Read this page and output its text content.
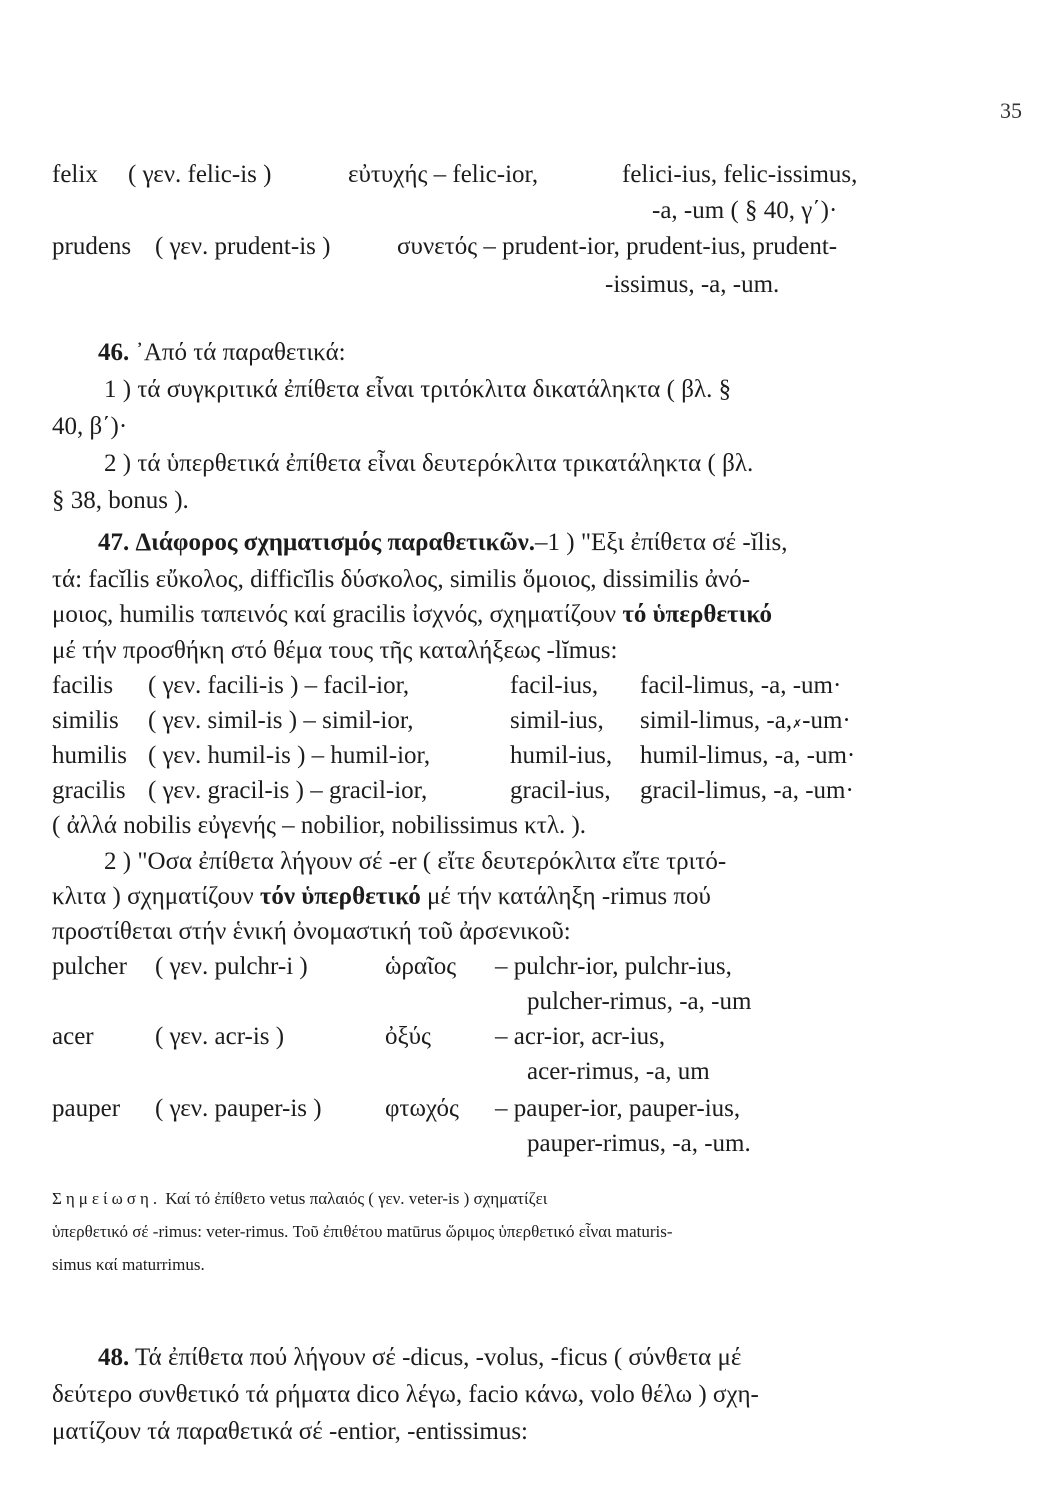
35
felix ( γεν. felic-is )	εὐτυχής – felic-ior,	felici-ius, felic-issimus,
-a, -um ( § 40, γ΄)·
prudens ( γεν. prudent-is )	συνετός – prudent-ior, prudent-ius, prudent-
-issimus, -a, -um.
46. ᾿Από τά παραθετικά:
1 ) τά συγκριτικά ἐπίθετα εἶναι τριτόκλιτα δικατάληκτα ( βλ. §
40, β΄)·
2 ) τά ὑπερθετικά ἐπίθετα εἶναι δευτερόκλιτα τρικατάληκτα ( βλ.
§ 38, bonus ).
47. Διάφορος σχηματισμός παραθετικῶν.–1 ) "Εξι ἐπίθετα σέ -ĭlis,
τά: facĭlis εὔκολος, difficĭlis δύσκολος, similis ὅμοιος, dissimilis ἀνό-
μοιος, humilis ταπεινός καί gracilis ἰσχνός, σχηματίζουν τό ὑπερθετικό
μέ τήν προσθήκη στό θέμα τους τῆς καταλήξεως -lĭmus:
facilis ( γεν. facili-is ) – facil-ior,	facil-ius, facil-limus, -a, -um·
similis ( γεν. simil-is ) – simil-ior,	simil-ius, simil-limus, -a,✗-um·
humilis ( γεν. humil-is ) – humil-ior,	humil-ius, humil-limus, -a, -um·
gracilis ( γεν. gracil-is ) – gracil-ior,	gracil-ius, gracil-limus, -a, -um·
( ἀλλά nobilis εὐγενής – nobilior, nobilissimus κτλ. ).
2 ) "Οσα ἐπίθετα λήγουν σέ -er ( εἴτε δευτερόκλιτα εἴτε τριτό-
κλιτα ) σχηματίζουν τόν ὑπερθετικό μέ τήν κατάληξη -rimus πού
προστίθεται στήν ἑνική ὀνομαστική τοῦ ἀρσενικοῦ:
pulcher ( γεν. pulchr-i )	ὡραῖος – pulchr-ior, pulchr-ius,
pulcher-rimus, -a, -um
acer ( γεν. acr-is )	ὀξύς	– acr-ior, acr-ius,
acer-rimus, -a, um
pauper ( γεν. pauper-is )	φτωχός – pauper-ior, pauper-ius,
pauper-rimus, -a, -um.
Σημείωση. Καί τό ἐπίθετο vetus παλαιός ( γεν. veter-is ) σχηματίζει
ὑπερθετικό σέ -rimus: veter-rimus. Τοῦ ἐπιθέτου matūrus ὥριμος ὑπερθετικό εἶναι maturis-
simus καί maturrimus.
48. Τά ἐπίθετα πού λήγουν σέ -dicus, -volus, -ficus ( σύνθετα μέ
δεύτερο συνθετικό τά ρήματα dico λέγω, facio κάνω, volo θέλω ) σχη-
ματίζουν τά παραθετικά σέ -entior, -entissimus:
